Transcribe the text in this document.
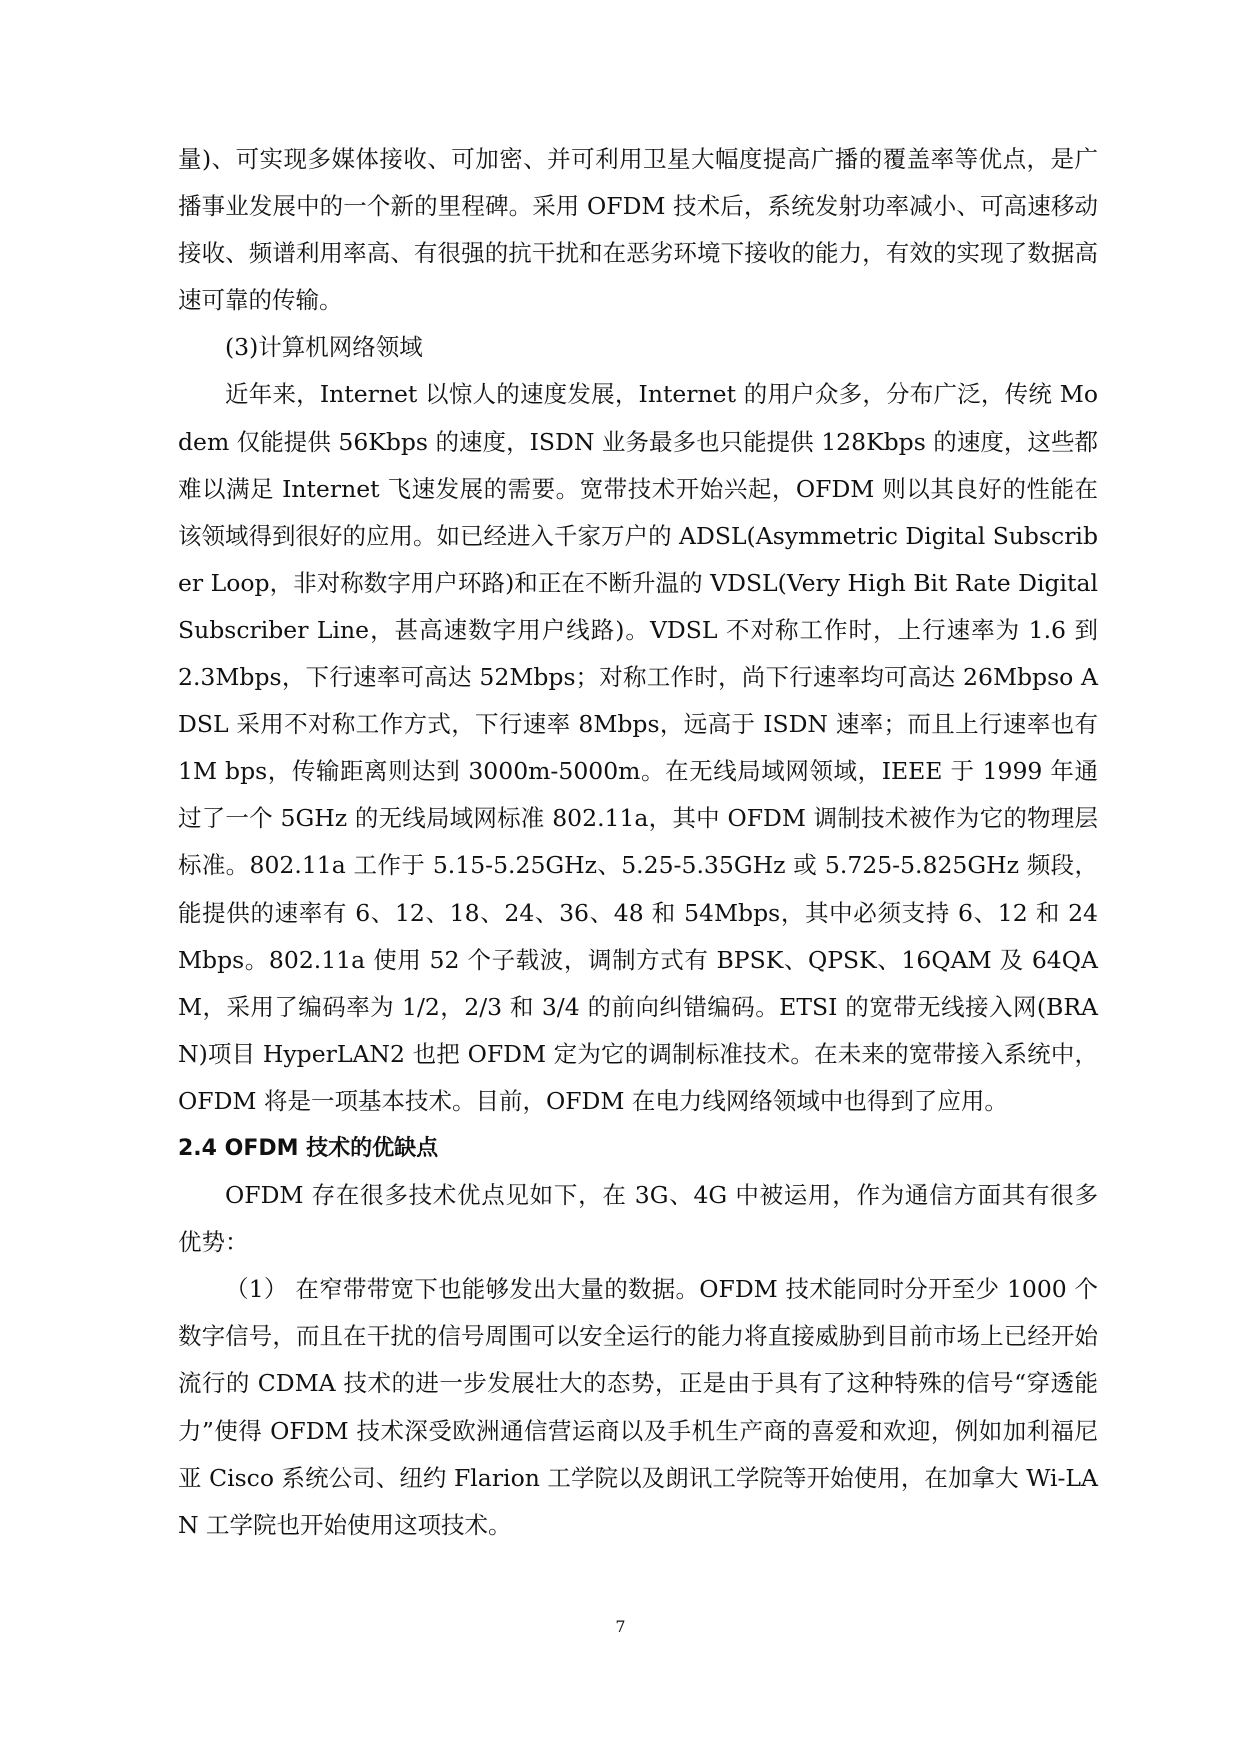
量)、可实现多媒体接收、可加密、并可利用卫星大幅度提高广播的覆盖率等优点，是广播事业发展中的一个新的里程碑。采用 OFDM 技术后，系统发射功率减小、可高速移动接收、频谱利用率高、有很强的抗干扰和在恶劣环境下接收的能力，有效的实现了数据高速可靠的传输。

(3)计算机网络领域

近年来，Internet 以惊人的速度发展，Internet 的用户众多，分布广泛，传统 Modem 仅能提供 56Kbps 的速度，ISDN 业务最多也只能提供 128Kbps 的速度，这些都难以满足 Internet 飞速发展的需要。宽带技术开始兴起，OFDM 则以其良好的性能在该领域得到很好的应用。如已经进入千家万户的 ADSL(Asymmetric Digital Subscriber Loop，非对称数字用户环路)和正在不断升温的 VDSL(Very High Bit Rate Digital Subscriber Line，甚高速数字用户线路)。VDSL 不对称工作时，上行速率为 1.6 到 2.3Mbps，下行速率可高达 52Mbps；对称工作时，尚下行速率均可高达 26Mbpso ADSL 采用不对称工作方式，下行速率 8Mbps，远高于 ISDN 速率；而且上行速率也有 1M bps，传输距离则达到 3000m-5000m。在无线局域网领域，IEEE 于 1999 年通过了一个 5GHz 的无线局域网标准 802.11a，其中 OFDM 调制技术被作为它的物理层标准。802.11a 工作于 5.15-5.25GHz、5.25-5.35GHz 或 5.725-5.825GHz 频段，能提供的速率有 6、12、18、24、36、48 和 54Mbps，其中必须支持 6、12 和 24 Mbps。802.11a 使用 52 个子载波，调制方式有 BPSK、QPSK、16QAM 及 64QAM，采用了编码率为 1/2，2/3 和 3/4 的前向纠错编码。ETSI 的宽带无线接入网(BRAN)项目 HyperLAN2 也把 OFDM 定为它的调制标准技术。在未来的宽带接入系统中，OFDM 将是一项基本技术。目前，OFDM 在电力线网络领域中也得到了应用。

2.4 OFDM 技术的优缺点

OFDM 存在很多技术优点见如下，在 3G、4G 中被运用，作为通信方面其有很多优势：

（1） 在窄带带宽下也能够发出大量的数据。OFDM 技术能同时分开至少 1000 个数字信号，而且在干扰的信号周围可以安全运行的能力将直接威胁到目前市场上已经开始流行的 CDMA 技术的进一步发展壮大的态势，正是由于具有了这种特殊的信号“穿透能力”使得 OFDM 技术深受欧洲通信营运商以及手机生产商的喜爱和欢迎，例如加利福尼亚 Cisco 系统公司、纽约 Flarion 工学院以及朗讯工学院等开始使用，在加拿大 Wi-LAN 工学院也开始使用这项技术。

7
